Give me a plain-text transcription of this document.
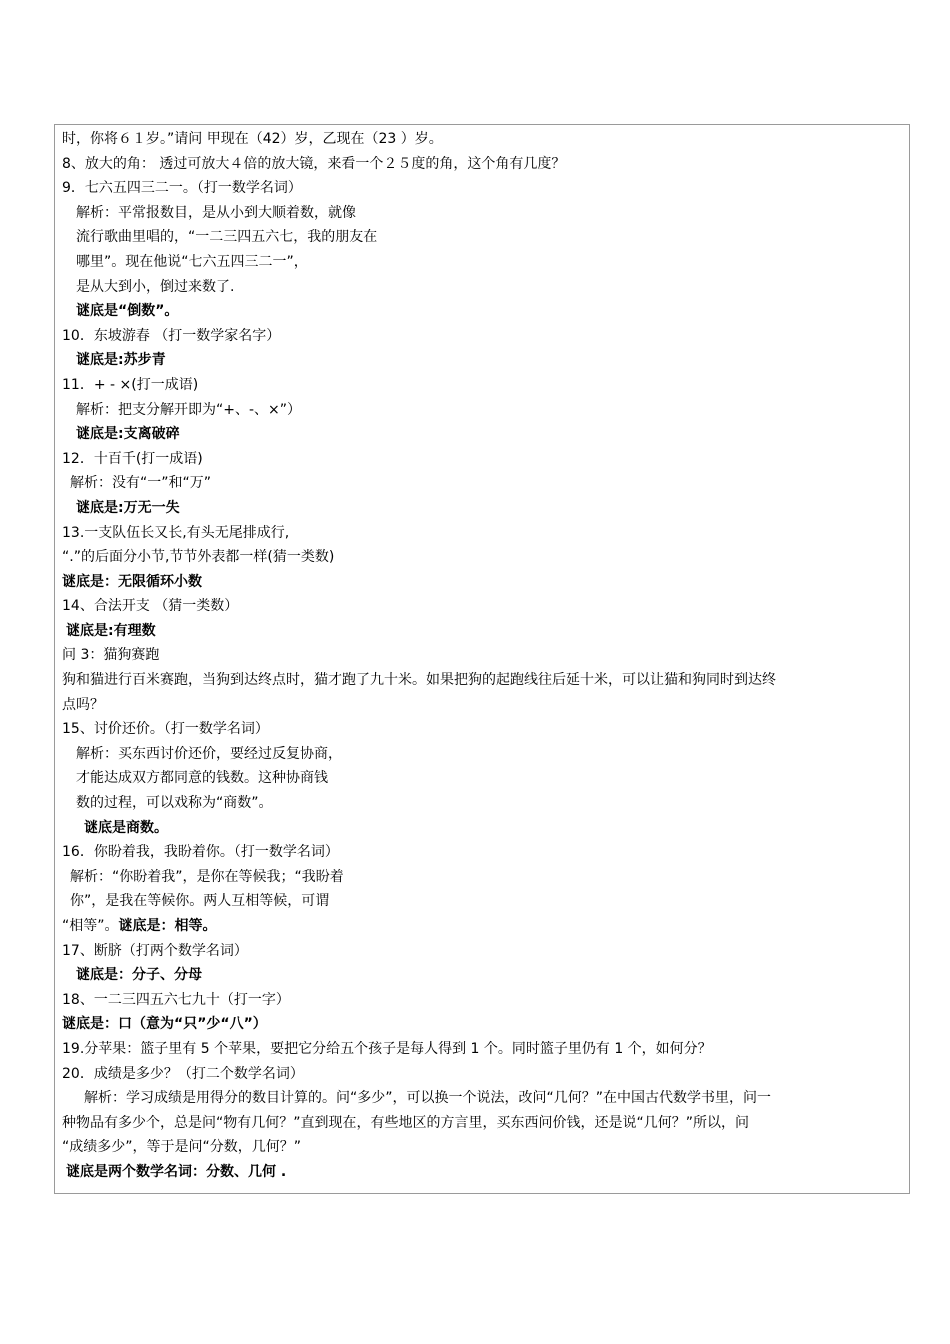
时，你将６１岁。”请问 甲现在（42）岁，乙现在（23 ）岁。
8、放大的角： 透过可放大４倍的放大镜，来看一个２５度的角，这个角有几度？
9．七六五四三二一。（打一数学名词）
解析：平常报数目，是从小到大顺着数，就像
流行歌曲里唱的，“一二三四五六七，我的朋友在
哪里”。现在他说“七六五四三二一”，
是从大到小，倒过来数了.
谜底是“倒数”。
10．东坡游春 （打一数学家名字）
谜底是:苏步青
11．+ - ×(打一成语)
解析：把支分解开即为“+、-、×”）
谜底是:支离破碎
12．十百千(打一成语)
解析：没有“一”和“万”
谜底是:万无一失
13.一支队伍长又长,有头无尾排成行,
“.”的后面分小节,节节外表都一样(猜一类数)
谜底是：无限循环小数
14、合法开支 （猜一类数）
谜底是:有理数
问 3：猫狗赛跑
狗和猫进行百米赛跑，当狗到达终点时，猫才跑了九十米。如果把狗的起跑线往后延十米，可以让猫和狗同时到达终
点吗？
15、讨价还价。（打一数学名词）
解析：买东西讨价还价，要经过反复协商，
才能达成双方都同意的钱数。这种协商钱
数的过程，可以戏称为“商数”。
谜底是商数。
16．你盼着我，我盼着你。（打一数学名词）
解析：“你盼着我”，是你在等候我；“我盼着
你”，是我在等候你。两人互相等候，可谓
“相等”。谜底是：相等。
17、断脐（打两个数学名词）
谜底是：分子、分母
18、一二三四五六七九十（打一字）
谜底是：口（意为“只”少“八”）
19.分苹果：篮子里有 5 个苹果，要把它分给五个孩子是每人得到 1 个。同时篮子里仍有 1 个，如何分？
20．成绩是多少？（打二个数学名词）
解析：学习成绩是用得分的数目计算的。问“多少”，可以换一个说法，改问“几何？”在中国古代数学书里，问一
种物品有多少个，总是问“物有几何？”直到现在，有些地区的方言里，买东西问价钱，还是说“几何？”所以，问
“成绩多少”，等于是问“分数，几何？”
谜底是两个数学名词：分数、几何 .
